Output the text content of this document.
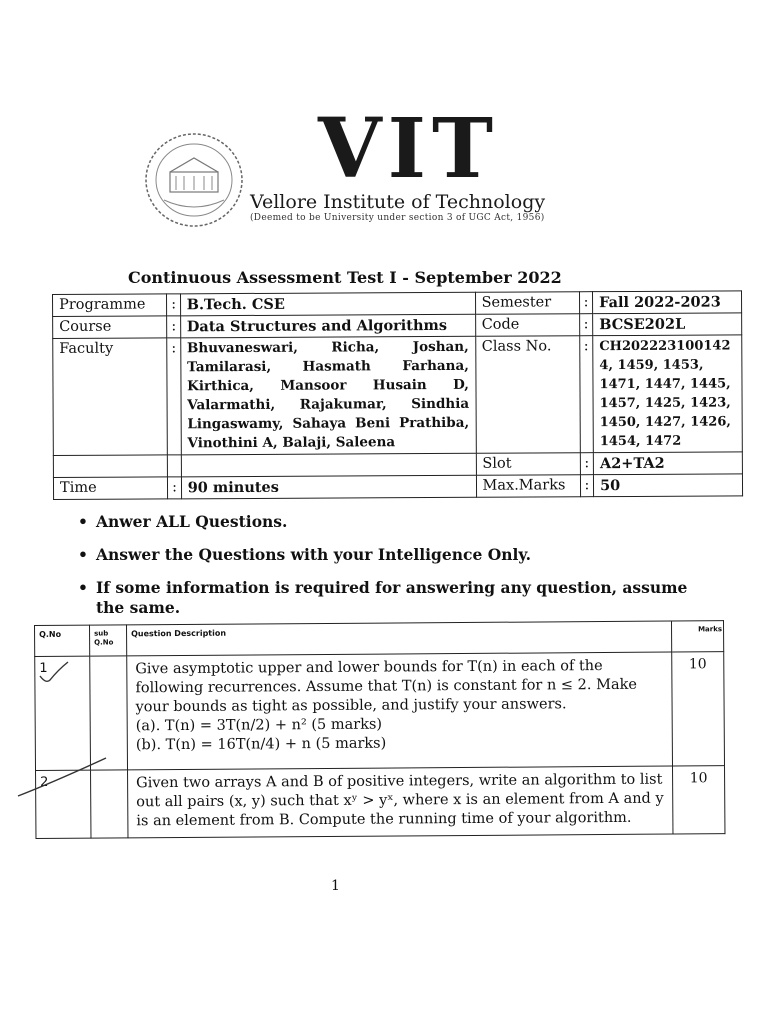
VIT
Vellore Institute of Technology
(Deemed to be University under section 3 of UGC Act, 1956)
Continuous Assessment Test I - September 2022
Programme	:	B.Tech. CSE	Semester	:	Fall 2022-2023
Course	:	Data Structures and Algorithms	Code	:	BCSE202L
Faculty	:	Bhuvaneswari, Richa, Joshan, Tamilarasi, Hasmath Farhana, Kirthica, Mansoor Husain D, Valarmathi, Rajakumar, Sindhia Lingaswamy, Sahaya Beni Prathiba, Vinothini A, Balaji, Saleena	Class No.	:	CH2022231001424, 1459, 1453, 1471, 1447, 1445, 1457, 1425, 1423, 1450, 1427, 1426, 1454, 1472
			Slot	:	A2+TA2
Time	:	90 minutes	Max.Marks	:	50
• Anwer ALL Questions.
• Answer the Questions with your Intelligence Only.
• If some information is required for answering any question, assume the same.
Q.No	sub Q.No	Question Description	Marks
1		Give asymptotic upper and lower bounds for T(n) in each of the following recurrences. Assume that T(n) is constant for n ≤ 2. Make your bounds as tight as possible, and justify your answers.
(a). T(n) = 3T(n/2) + n² (5 marks)
(b). T(n) = 16T(n/4) + n (5 marks)	10
2		Given two arrays A and B of positive integers, write an algorithm to list out all pairs (x, y) such that xʸ > yˣ, where x is an element from A and y is an element from B. Compute the running time of your algorithm.	10
1
